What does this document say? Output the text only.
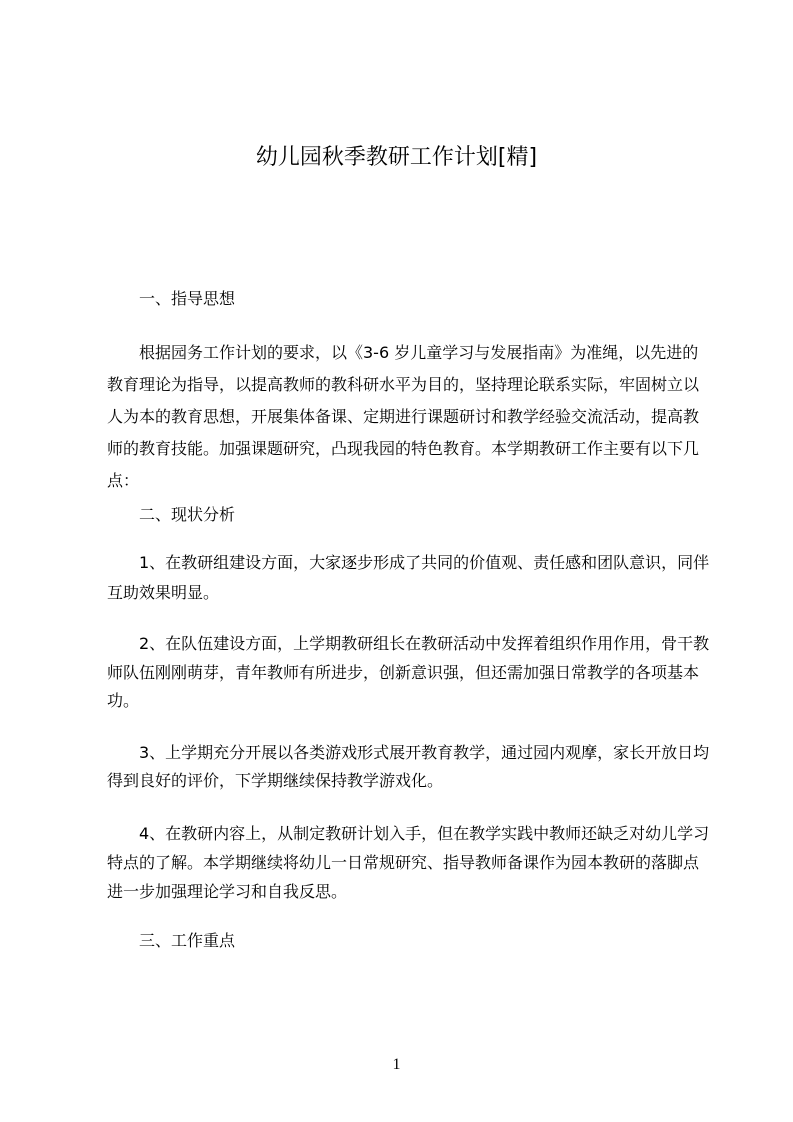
幼儿园秋季教研工作计划[精]
一、指导思想
根据园务工作计划的要求，以《3-6 岁儿童学习与发展指南》为准绳，以先进的
教育理论为指导，以提高教师的教科研水平为目的，坚持理论联系实际，牢固树立以
人为本的教育思想，开展集体备课、定期进行课题研讨和教学经验交流活动，提高教
师的教育技能。加强课题研究，凸现我园的特色教育。本学期教研工作主要有以下几
点：
二、现状分析
1、在教研组建设方面，大家逐步形成了共同的价值观、责任感和团队意识，同伴
互助效果明显。
2、在队伍建设方面，上学期教研组长在教研活动中发挥着组织作用作用，骨干教
师队伍刚刚萌芽，青年教师有所进步，创新意识强，但还需加强日常教学的各项基本
功。
3、上学期充分开展以各类游戏形式展开教育教学，通过园内观摩，家长开放日均
得到良好的评价，下学期继续保持教学游戏化。
4、在教研内容上，从制定教研计划入手，但在教学实践中教师还缺乏对幼儿学习
特点的了解。本学期继续将幼儿一日常规研究、指导教师备课作为园本教研的落脚点
进一步加强理论学习和自我反思。
三、工作重点
1
